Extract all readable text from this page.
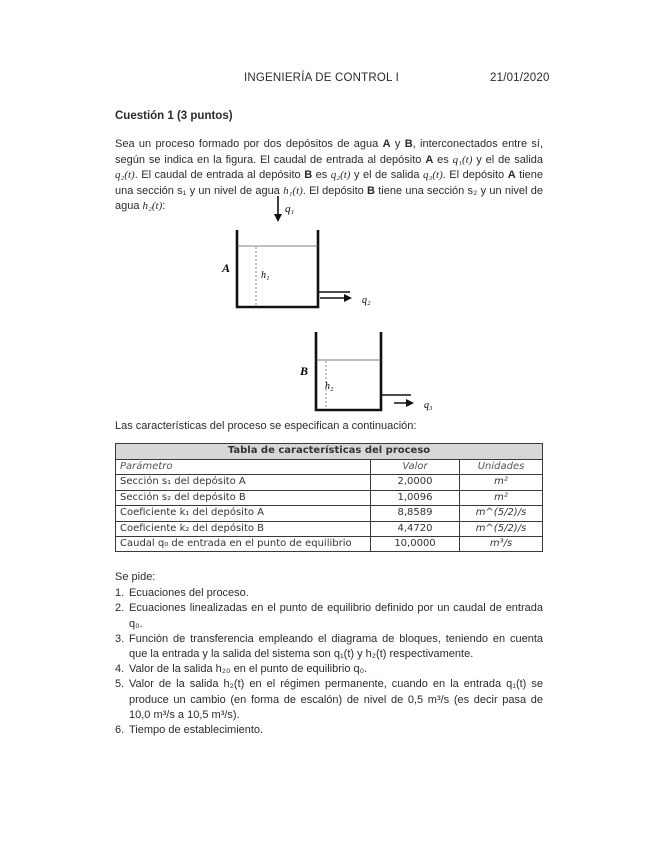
INGENIERÍA DE CONTROL I	21/01/2020
Cuestión 1 (3 puntos)
Sea un proceso formado por dos depósitos de agua A y B, interconectados entre sí, según se indica en la figura. El caudal de entrada al depósito A es q₁(t) y el de salida q₂(t). El caudal de entrada al depósito B es q₂(t) y el de salida q₃(t). El depósito A tiene una sección s₁ y un nivel de agua h₁(t). El depósito B tiene una sección s₂ y un nivel de agua h₂(t):	q₁
A
h₁
q₂
B
h₂
q₃
Las características del proceso se especifican a continuación:
Tabla de características del proceso		
Parámetro	Valor	Unidades
Sección s₁ del depósito A	2,0000	m²
Sección s₂ del depósito B	1,0096	m²
Coeficiente k₁ del depósito A	8,8589	m^(5/2)/s
Coeficiente k₂ del depósito B	4,4720	m^(5/2)/s
Caudal q₀ de entrada en el punto de equilibrio	10,0000	m³/s
Se pide:
1. Ecuaciones del proceso.
2. Ecuaciones linealizadas en el punto de equilibrio definido por un caudal de entrada q₀.
3. Función de transferencia empleando el diagrama de bloques, teniendo en cuenta que la entrada y la salida del sistema son q₁(t) y h₂(t) respectivamente.
4. Valor de la salida h₂₀ en el punto de equilibrio q₀.
5. Valor de la salida h₂(t) en el régimen permanente, cuando en la entrada q₁(t) se produce un cambio (en forma de escalón) de nivel de 0,5 m³/s (es decir pasa de 10,0 m³/s a 10,5 m³/s).
6. Tiempo de establecimiento.
